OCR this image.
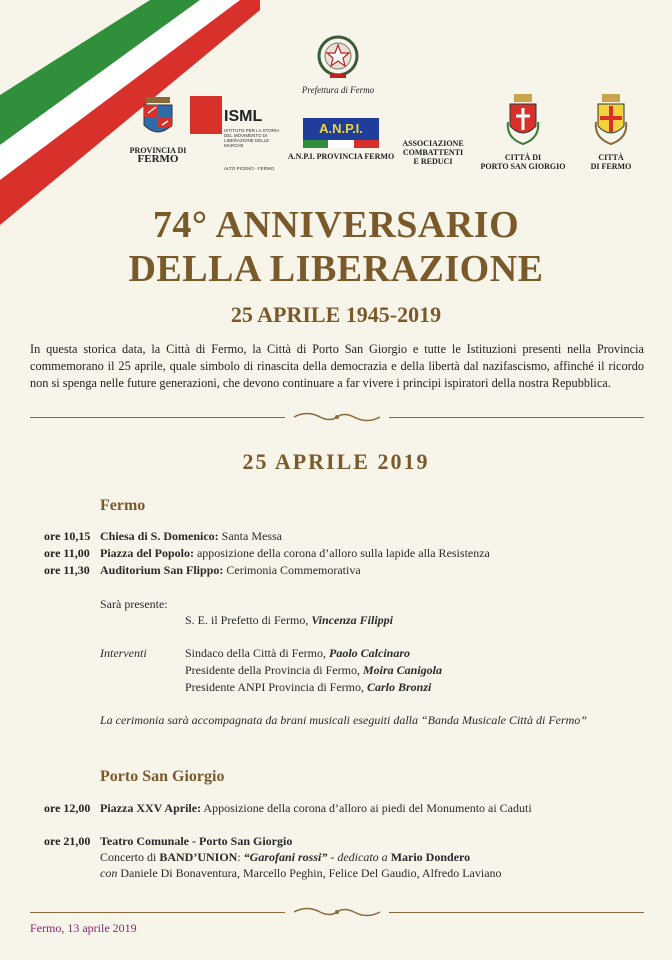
Prefettura di Fermo
PROVINCIA DI
FERMO
ISML
ISTITUTO PER LA STORIA DEL MOVIMENTO DI LIBERAZIONE DELLE MARCHE
ALTO PICENO - FERMO
A.N.P.I.
A.N.P.I. PROVINCIA FERMO
ASSOCIAZIONE
COMBATTENTI
E REDUCI	CITTÀ DI
PORTO SAN GIORGIO
CITTÀ
DI FERMO
74° ANNIVERSARIO
DELLA LIBERAZIONE
25 APRILE 1945-2019
In questa storica data, la Città di Fermo, la Città di Porto San Giorgio e tutte le Istituzioni presenti nella Provincia commemorano il 25 aprile, quale simbolo di rinascita della democrazia e della libertà dal nazifascismo, affinché il ricordo non si spenga nelle future generazioni, che devono continuare a far vivere i principi ispiratori della nostra Repubblica.
25 APRILE 2019
Fermo
ore 10,15 Chiesa di S. Domenico: Santa Messa
ore 11,00 Piazza del Popolo: apposizione della corona d’alloro sulla lapide alla Resistenza
ore 11,30 Auditorium San Flippo: Cerimonia Commemorativa
Sarà presente:
S. E. il Prefetto di Fermo, Vincenza Filippi
Interventi	Sindaco della Città di Fermo, Paolo Calcinaro
Presidente della Provincia di Fermo, Moira Canigola
Presidente ANPI Provincia di Fermo, Carlo Bronzi
La cerimonia sarà accompagnata da brani musicali eseguiti dalla “Banda Musicale Città di Fermo”
Porto San Giorgio
ore 12,00 Piazza XXV Aprile: Apposizione della corona d’alloro ai piedi del Monumento ai Caduti
ore 21,00 Teatro Comunale - Porto San Giorgio
Concerto di BAND’UNION: “Garofani rossi” - dedicato a Mario Dondero
con Daniele Di Bonaventura, Marcello Peghin, Felice Del Gaudio, Alfredo Laviano
Fermo, 13 aprile 2019
